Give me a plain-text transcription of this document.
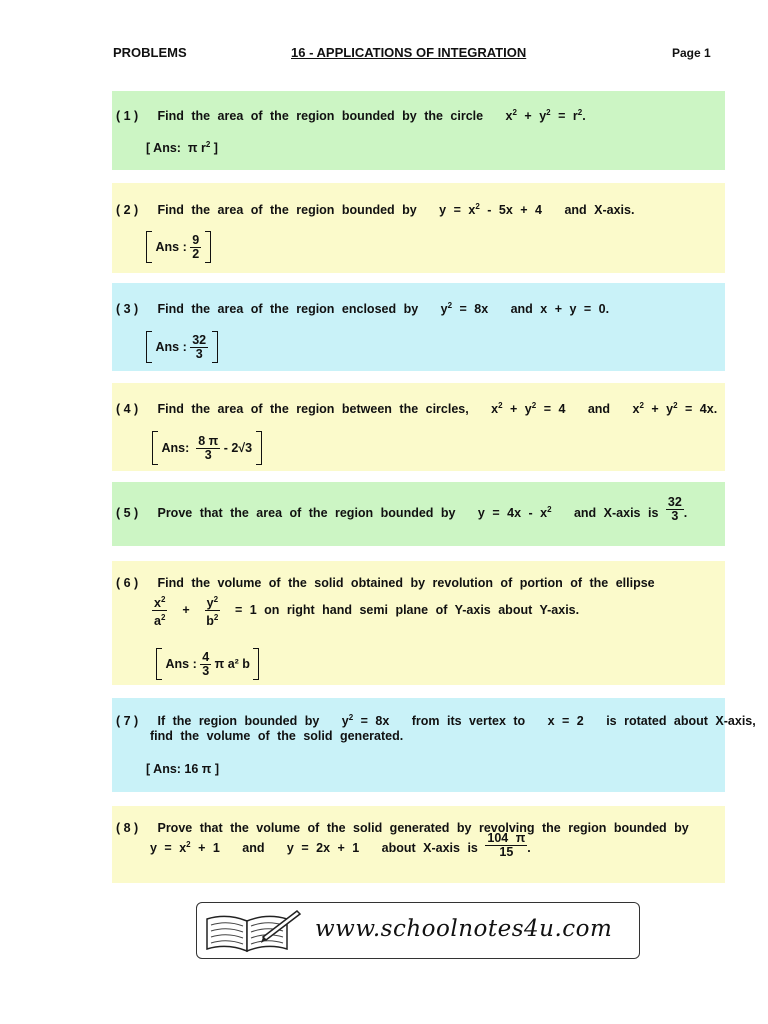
PROBLEMS	16 - APPLICATIONS OF INTEGRATION	Page 1
( 1 ) Find the area of the region bounded by the circle   $x^2 + y^2 = r^2$.
[ Ans: π $r^2$ ]
( 2 ) Find the area of the region bounded by   $y = x^2 - 5x + 4$   and X-axis.
Ans : $\frac{9}{2}$

( 3 ) Find the area of the region enclosed by   $y^2 = 8x$   and x + y = 0.
Ans : $\frac{32}{3}$

( 4 ) Find the area of the region between the circles,   $x^2 + y^2 = 4$   and   $x^2 + y^2 = 4x$.
Ans: $\frac{8 \pi}{3} - 2√3$
( 5 ) Prove that the area of the region bounded by   $y = 4x - x^2$ and X-axis is $\frac{32}{3}$ .
( 6 ) Find the volume of the solid obtained by revolution of portion of the ellipse
$\frac{x^2}{a^2} + \frac{y^2}{b^2} = 1$ on right hand semi plane of Y-axis about Y-axis.
Ans : $\frac{4}{3}$ π a² b
( 7 ) If the region bounded by   $y^2 = 8x$   from its vertex to   x = 2   is rotated about X-axis,
find the volume of the solid generated.
[ Ans: 16 π ]
( 8 ) Prove that the volume of the solid generated by revolving the region bounded by
$y = x^2 + 1$   and   y = 2x + 1   about X-axis is $\frac{104 \pi}{15}$ .
www.schoolnotes4u.com
